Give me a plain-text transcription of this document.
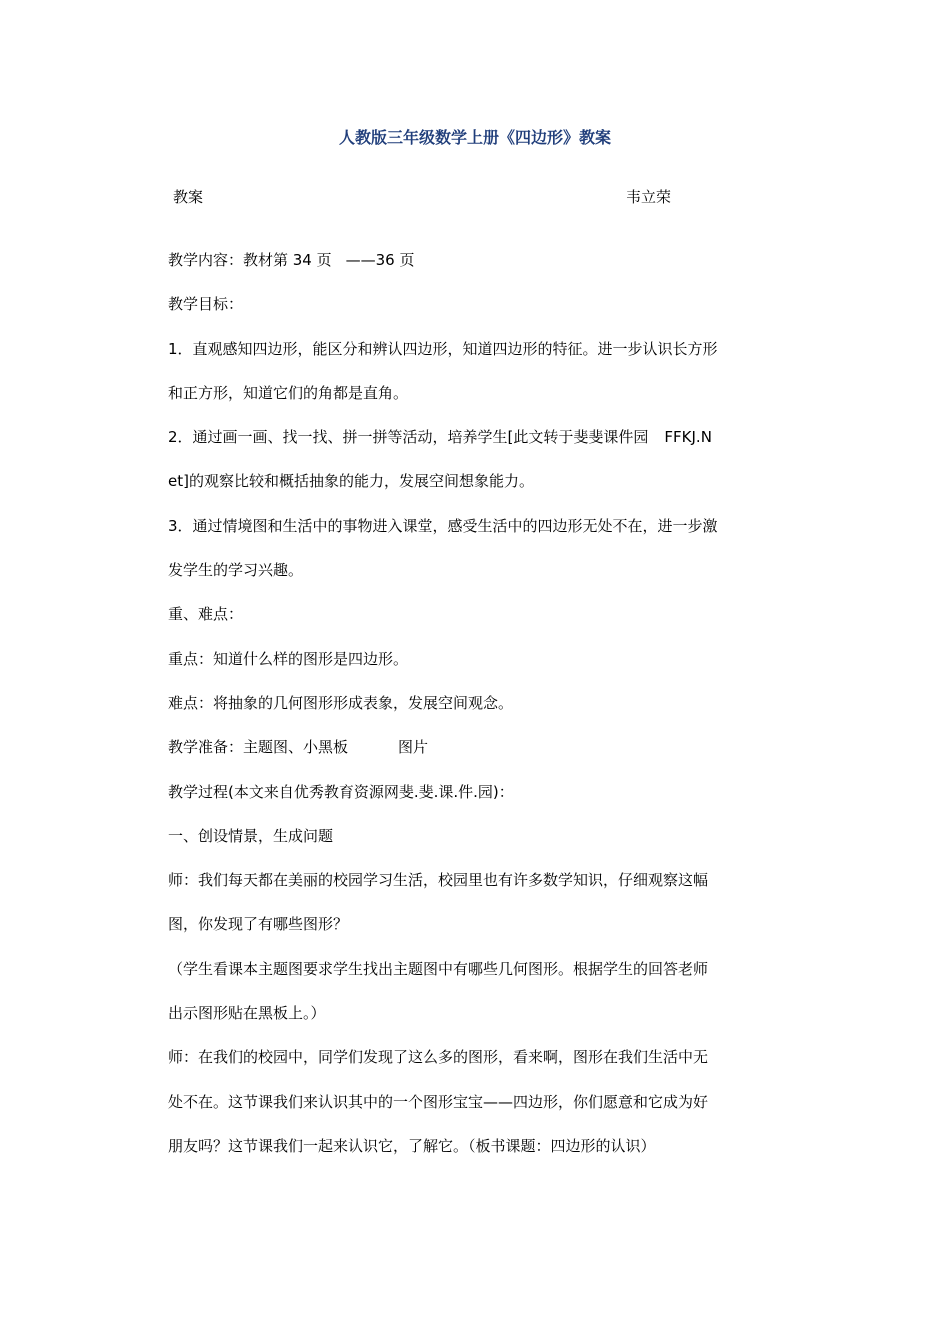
人教版三年级数学上册《四边形》教案
教案	韦立荣
教学内容：教材第 34 页 ——36 页
教学目标：
1．直观感知四边形，能区分和辨认四边形，知道四边形的特征。进一步认识长方形
和正方形，知道它们的角都是直角。
2．通过画一画、找一找、拼一拼等活动，培养学生[此文转于斐斐课件园 FFKJ.N
et]的观察比较和概括抽象的能力，发展空间想象能力。
3．通过情境图和生活中的事物进入课堂，感受生活中的四边形无处不在，进一步激
发学生的学习兴趣。
重、难点：
重点：知道什么样的图形是四边形。
难点：将抽象的几何图形形成表象，发展空间观念。
教学准备：主题图、小黑板	图片
教学过程(本文来自优秀教育资源网斐.斐.课.件.园)：
一、创设情景，生成问题
师：我们每天都在美丽的校园学习生活，校园里也有许多数学知识，仔细观察这幅
图，你发现了有哪些图形？
（学生看课本主题图要求学生找出主题图中有哪些几何图形。根据学生的回答老师
出示图形贴在黑板上。）
师：在我们的校园中，同学们发现了这么多的图形，看来啊，图形在我们生活中无
处不在。这节课我们来认识其中的一个图形宝宝——四边形，你们愿意和它成为好
朋友吗？这节课我们一起来认识它，了解它。（板书课题：四边形的认识）
